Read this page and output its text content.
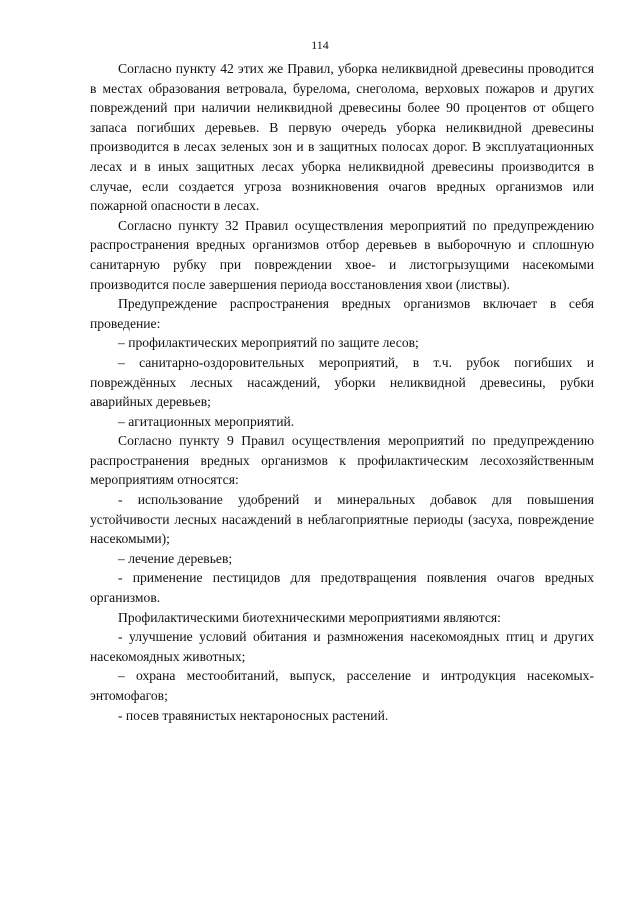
114

Согласно пункту 42 этих же Правил, уборка неликвидной древесины проводится в местах образования ветровала, бурелома, снеголома, верховых пожаров и других повреждений при наличии неликвидной древесины более 90 процентов от общего запаса погибших деревьев. В первую очередь уборка неликвидной древесины производится в лесах зеленых зон и в защитных полосах дорог. В эксплуатационных лесах и в иных защитных лесах уборка неликвидной древесины производится в случае, если создается угроза возникновения очагов вредных организмов или пожарной опасности в лесах.

Согласно пункту 32 Правил осуществления мероприятий по предупреждению распространения вредных организмов отбор деревьев в выборочную и сплошную санитарную рубку при повреждении хвое- и листогрызущими насекомыми производится после завершения периода восстановления хвои (листвы).

Предупреждение распространения вредных организмов включает в себя проведение:

– профилактических мероприятий по защите лесов;

– санитарно-оздоровительных мероприятий, в т.ч. рубок погибших и повреждённых лесных насаждений, уборки неликвидной древесины, рубки аварийных деревьев;

– агитационных мероприятий.

Согласно пункту 9 Правил осуществления мероприятий по предупреждению распространения вредных организмов к профилактическим лесохозяйственным мероприятиям относятся:

- использование удобрений и минеральных добавок для повышения устойчивости лесных насаждений в неблагоприятные периоды (засуха, повреждение насекомыми);

– лечение деревьев;

- применение пестицидов для предотвращения появления очагов вредных организмов.

Профилактическими биотехническими мероприятиями являются:

- улучшение условий обитания и размножения насекомоядных птиц и других насекомоядных животных;

– охрана местообитаний, выпуск, расселение и интродукция насекомых-энтомофагов;

- посев травянистых нектароносных растений.
